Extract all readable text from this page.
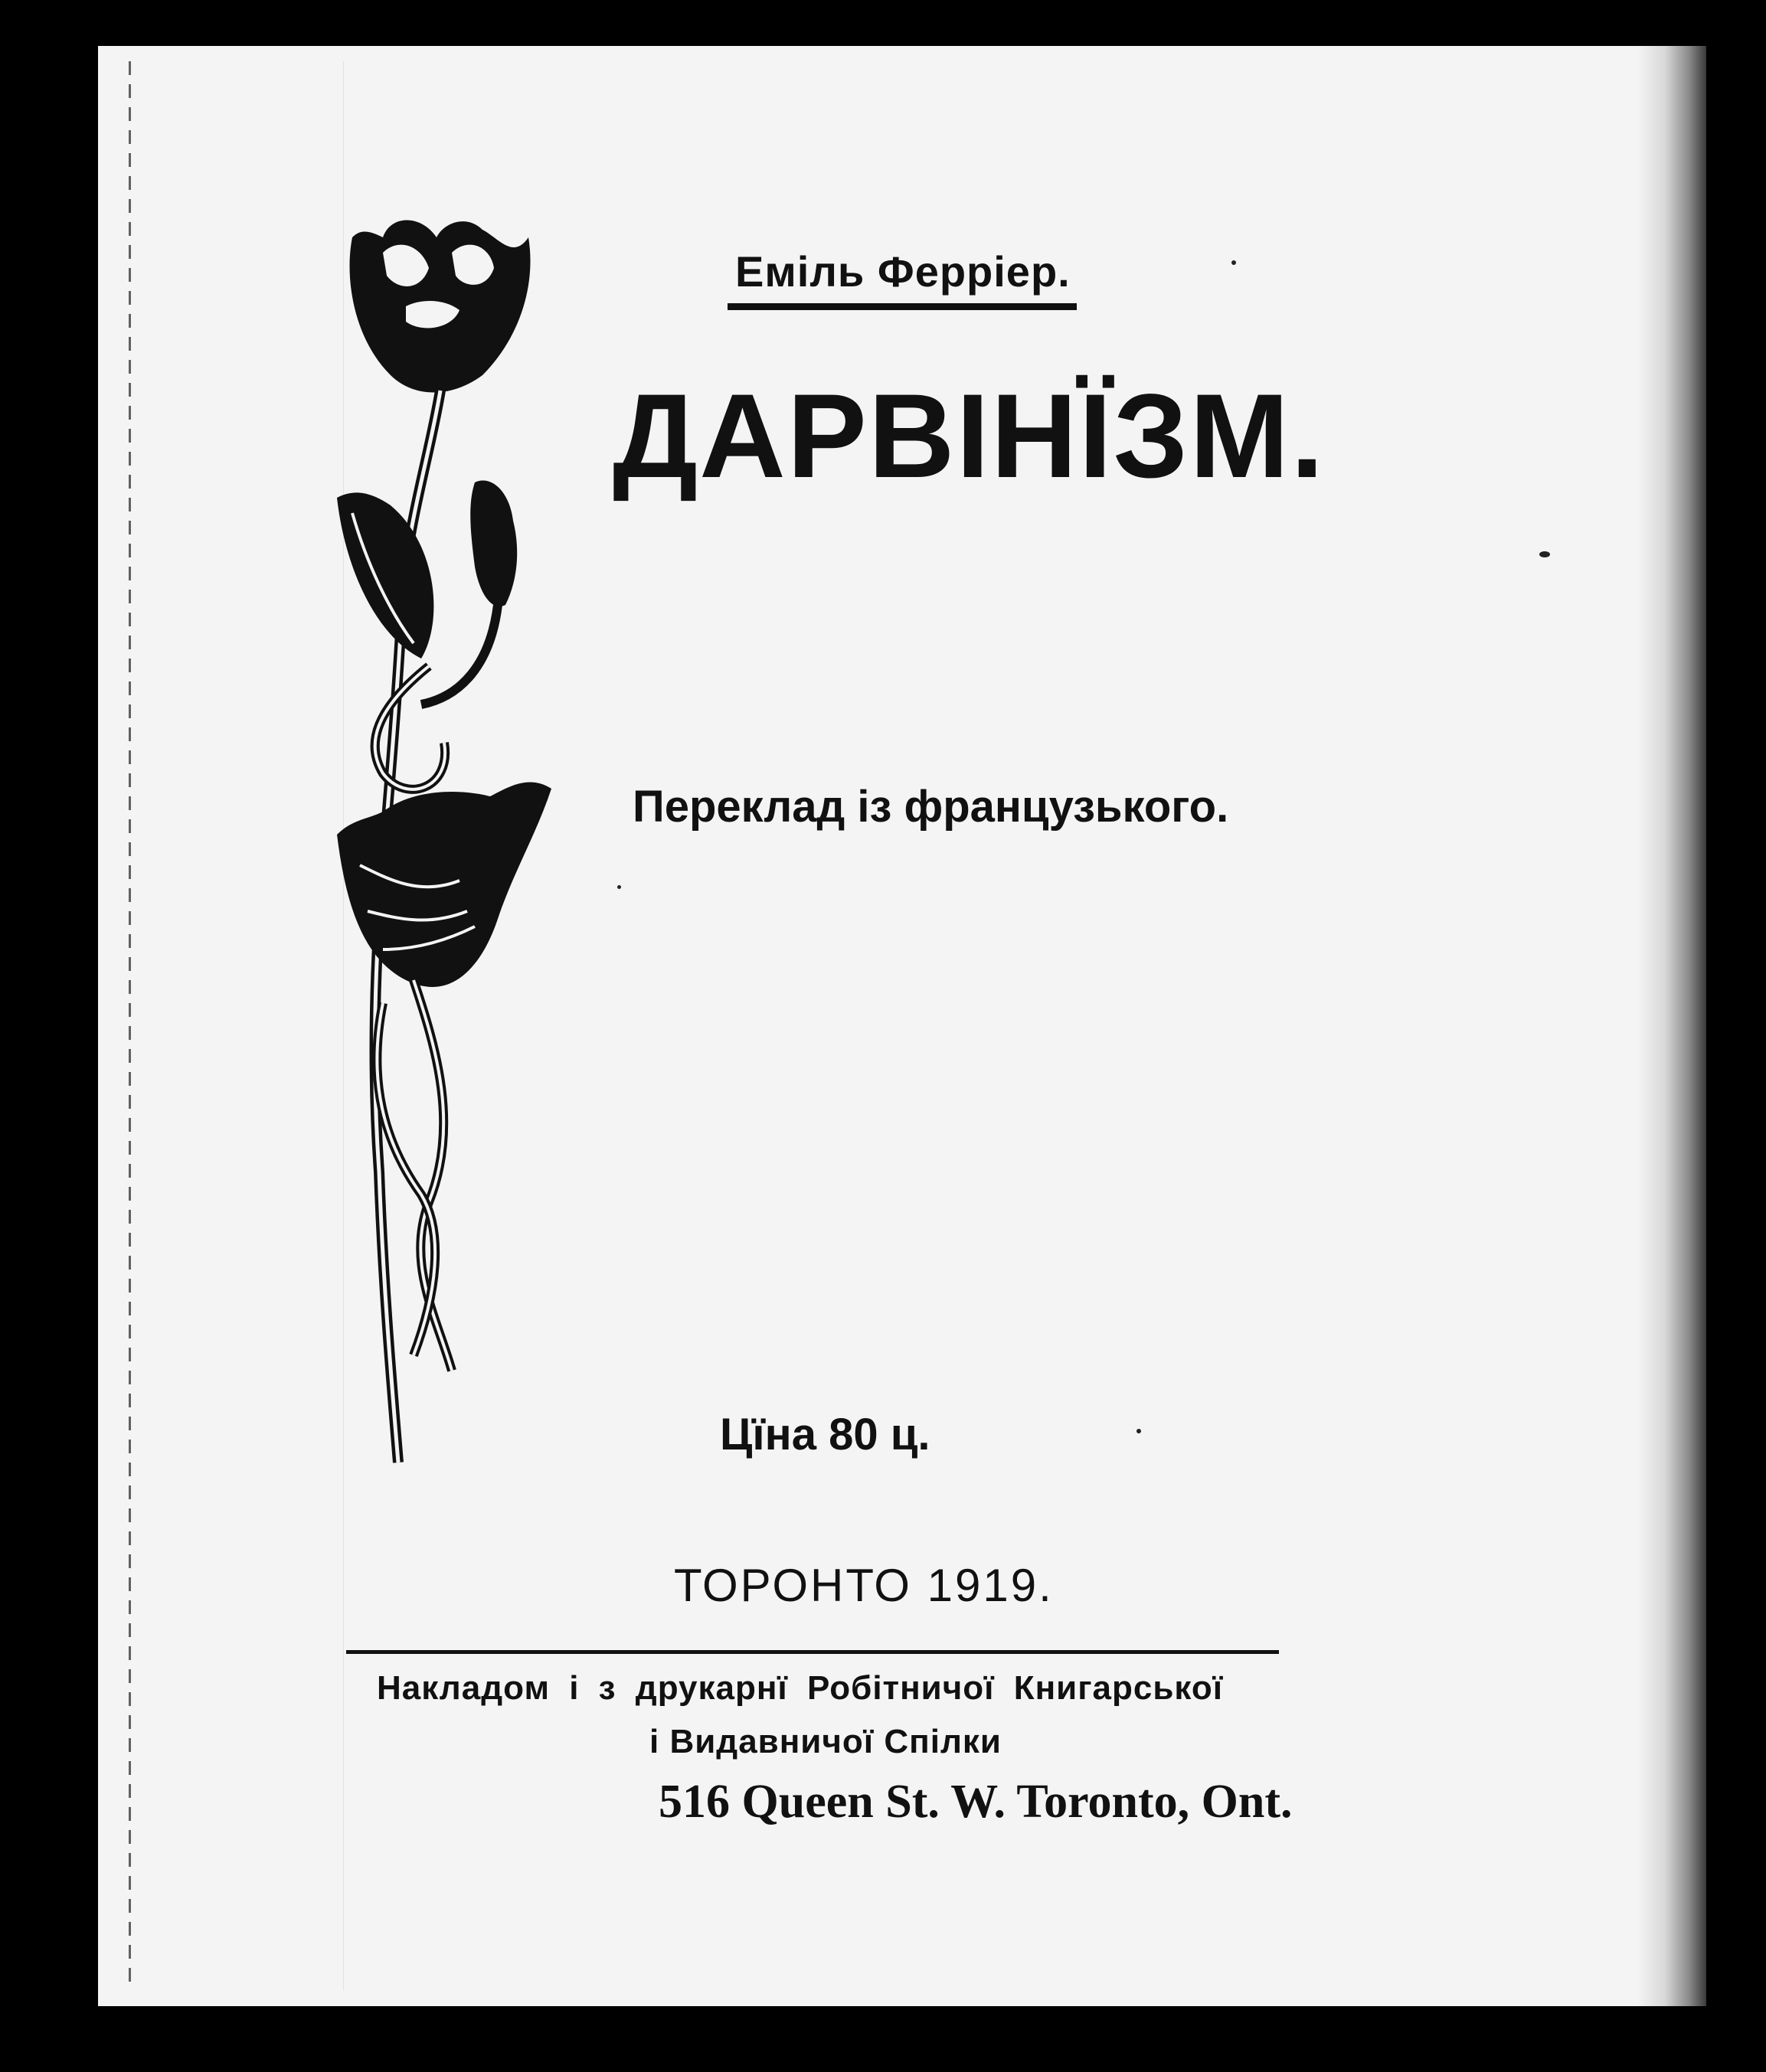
Еміль Ферріер.
ДАРВІНЇЗМ.
Переклад із французького.
Цїна 80 ц.
ТОРОНТО 1919.
Накладом і з друкарнї Робітничої Книгарської
і Видавничої Спілки
516 Queen St. W. Toronto, Ont.
